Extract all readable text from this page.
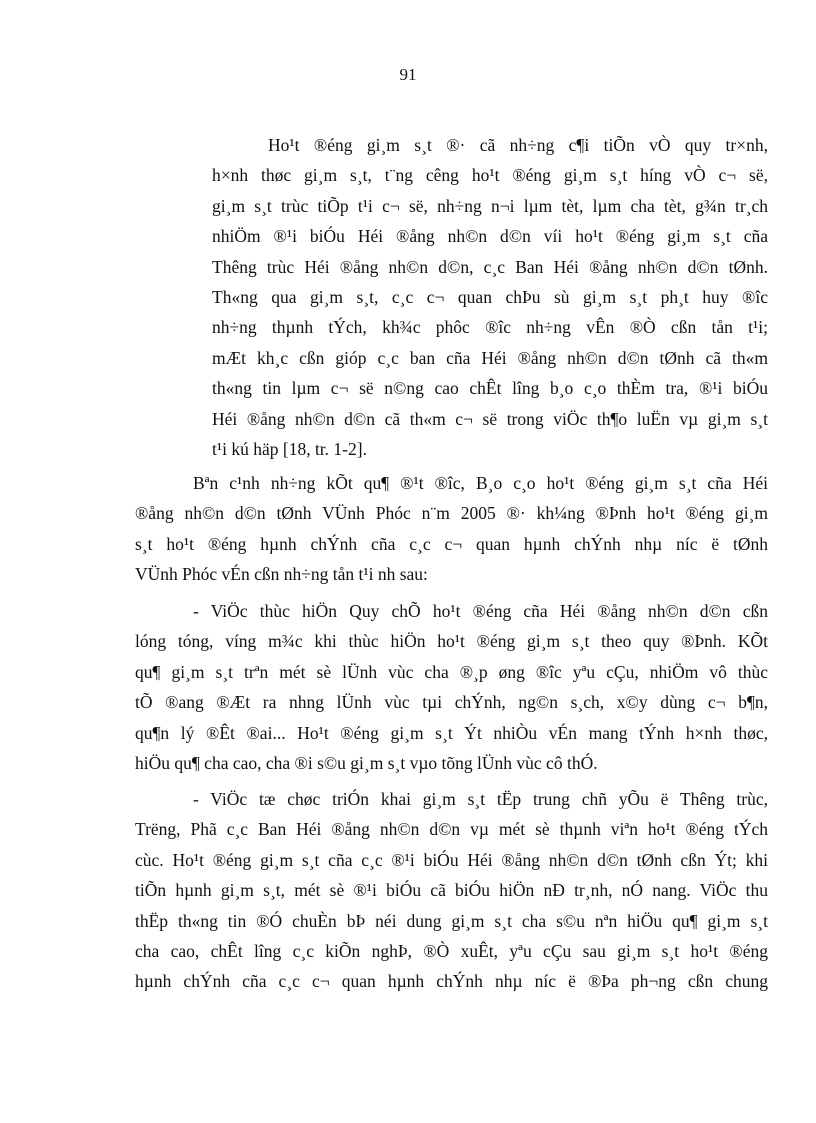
91
Ho¹t ®éng gi¸m s¸t ®· cã nh÷ng c¶i tiÕn vÒ quy tr×nh,
h×nh thøc gi¸m s¸t, t¨ng cêng ho¹t ®éng gi¸m s¸t híng vÒ c¬ së,
gi¸m s¸t trùc tiÕp t¹i c¬ së, nh÷ng n¬i lµm tèt, lµm cha tèt, g¾n tr¸ch
nhiÖm ®¹i biÓu Héi ®ång nh©n d©n víi ho¹t ®éng gi¸m s¸t cña
Thêng trùc Héi ®ång nh©n d©n, c¸c Ban Héi ®ång nh©n d©n tØnh.
Th«ng qua gi¸m s¸t, c¸c c¬ quan chÞu sù gi¸m s¸t ph¸t huy ®îc
nh÷ng thµnh tÝch, kh¾c phôc ®îc nh÷ng vÊn ®Ò cßn tån t¹i;
mÆt kh¸c cßn gióp c¸c ban cña Héi ®ång nh©n d©n tØnh cã th«m
th«ng tin lµm c¬ së n©ng cao chÊt lîng b¸o c¸o thÈm tra, ®¹i biÓu
Héi ®ång nh©n d©n cã th«m c¬ së trong viÖc th¶o luËn vµ gi¸m s¸t
t¹i kú häp [18, tr. 1-2].
Bªn c¹nh nh÷ng kÕt qu¶ ®¹t ®îc, B¸o c¸o ho¹t ®éng gi¸m s¸t cña Héi
®ång nh©n d©n tØnh VÜnh Phóc n¨m 2005 ®· kh¼ng ®Þnh ho¹t ®éng gi¸m
s¸t ho¹t ®éng hµnh chÝnh cña c¸c c¬ quan hµnh chÝnh nhµ níc ë tØnh
VÜnh Phóc vÉn cßn nh÷ng tån t¹i nh sau:
- ViÖc thùc hiÖn Quy chÕ ho¹t ®éng cña Héi ®ång nh©n d©n cßn
lóng tóng, víng m¾c khi thùc hiÖn ho¹t ®éng gi¸m s¸t theo quy ®Þnh. KÕt
qu¶ gi¸m s¸t trªn mét sè lÜnh vùc cha ®¸p øng ®îc yªu cÇu, nhiÖm vô thùc
tÕ ®ang ®Æt ra nhng lÜnh vùc tµi chÝnh, ng©n s¸ch, x©y dùng c¬ b¶n,
qu¶n lý ®Êt ®ai... Ho¹t ®éng gi¸m s¸t Ýt nhiÒu vÉn mang tÝnh h×nh thøc,
hiÖu qu¶ cha cao, cha ®i s©u gi¸m s¸t vµo tõng lÜnh vùc cô thÓ.
- ViÖc tæ chøc triÓn khai gi¸m s¸t tËp trung chñ yÕu ë Thêng trùc,
Trëng, Phã c¸c Ban Héi ®ång nh©n d©n vµ mét sè thµnh viªn ho¹t ®éng tÝch
cùc. Ho¹t ®éng gi¸m s¸t cña c¸c ®¹i biÓu Héi ®ång nh©n d©n tØnh cßn Ýt; khi
tiÕn hµnh gi¸m s¸t, mét sè ®¹i biÓu cã biÓu hiÖn nÐ tr¸nh, nÓ nang. ViÖc thu
thËp th«ng tin ®Ó chuÈn bÞ néi dung gi¸m s¸t cha s©u nªn hiÖu qu¶ gi¸m s¸t
cha cao, chÊt lîng c¸c kiÕn nghÞ, ®Ò xuÊt, yªu cÇu sau gi¸m s¸t ho¹t ®éng
hµnh chÝnh cña c¸c c¬ quan hµnh chÝnh nhµ níc ë ®Þa ph¬ng cßn chung
